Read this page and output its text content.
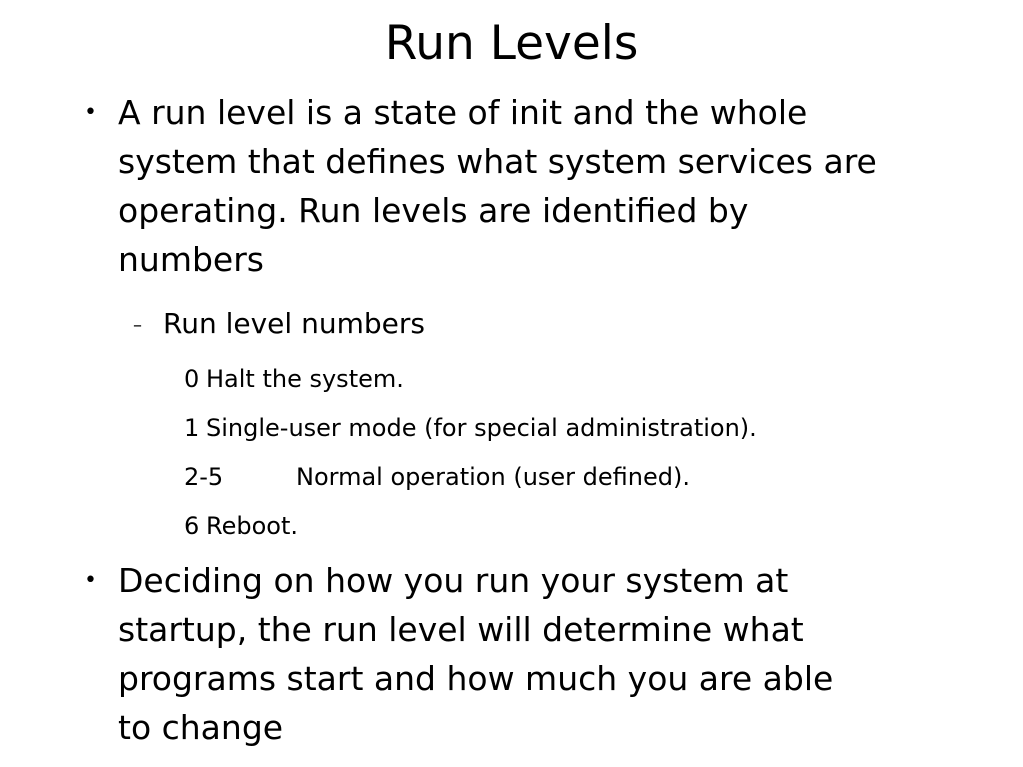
Run Levels
• A run level is a state of init and the whole
system that defines what system services are
operating. Run levels are identified by
numbers
– Run level numbers
0 Halt the system.
1 Single-user mode (for special administration).
2-5	Normal operation (user defined).
6 Reboot.
• Deciding on how you run your system at
startup, the run level will determine what
programs start and how much you are able
to change
